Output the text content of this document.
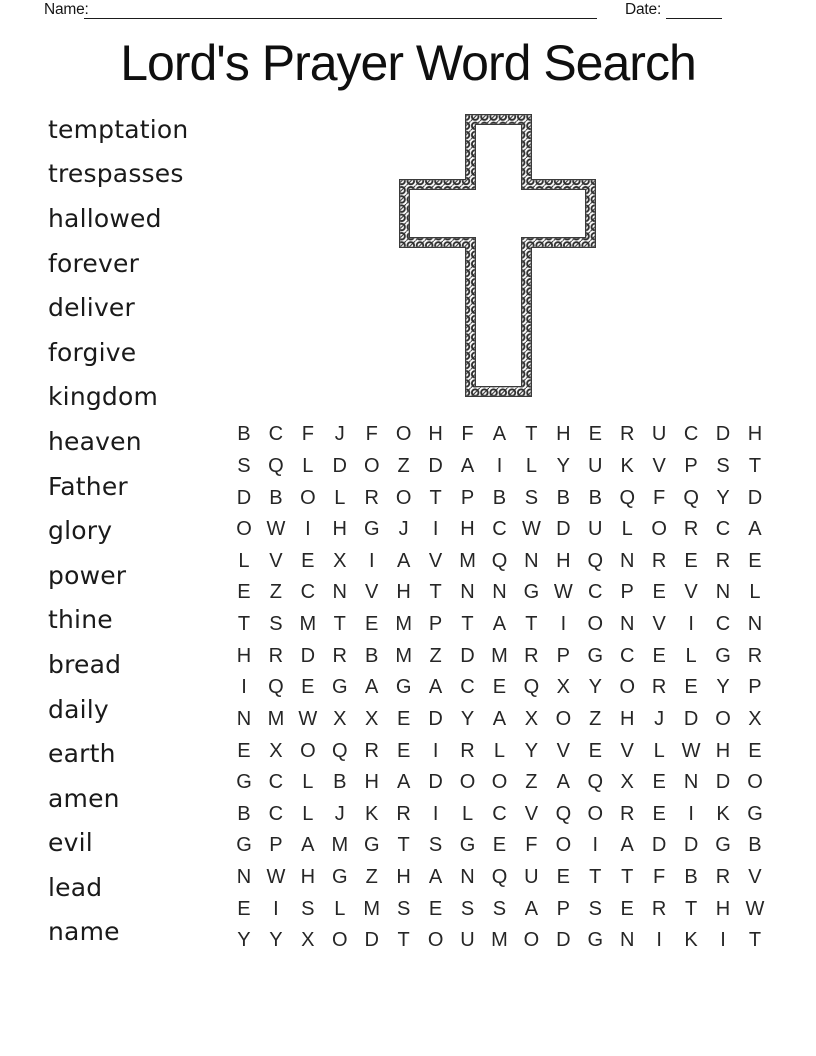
Name:	Date:
Lord's Prayer Word Search
temptation
trespasses
hallowed
forever
deliver
forgive
kingdom
heaven
Father
glory
power
thine
bread
daily
earth
amen
evil
lead
name
B C F	J	F O H F A T H E R U C D H
S Q L D O Z D A	I	L Y U K V P S T
D B O L R O T P B S B B Q F Q Y D
O W I	H G J	I	H C W D U L O R C A
L V E X	I	A V M Q N H Q N R E R E
E Z C N V H T N N G W C P E V N L
T S M T E M P T A T	I	O N V	I	C N
H R D R B M Z D M R P G C E L G R
I	Q E G A G A C E Q X Y O R E Y P
N M W X X E D Y A X O Z H J D O X
E X O Q R E	I	R L Y V E V L W H E
G C L B H A D O O Z A Q X E N D O
B C L	J	K R	I	L C V Q O R E	I	K G
G P A M G T S G E F O	I	A D D G B
N W H G Z H A N Q U E T T F B R V
E	I	S L M S E S S A P S E R T H W
Y Y X O D T O U M O D G N	I	K	I	T
